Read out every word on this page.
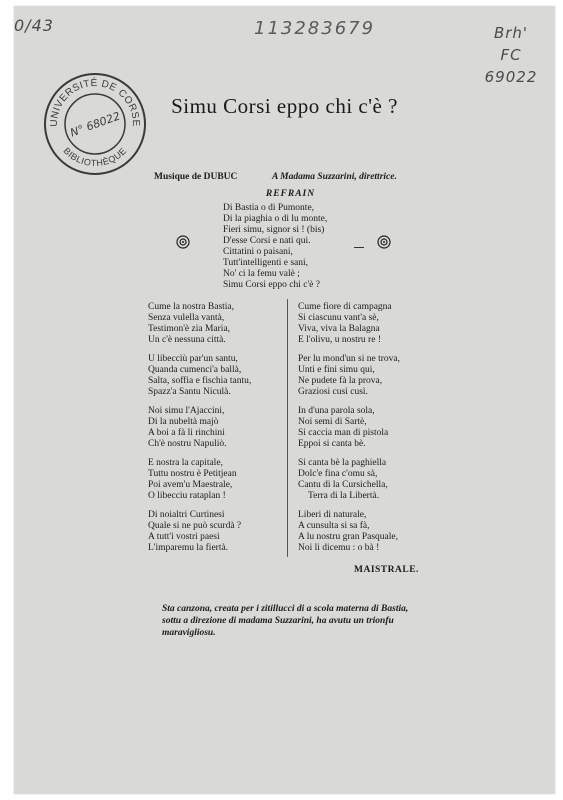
0/43	113283679	Brh'
FC
69022
UNIVERSITÉ DE CORSE
BIBLIOTHÈQUE
N° 68022
Simu Corsi eppo chi c'è ?
Musique de DUBUC	A Madama Suzzarini, direttrice.
REFRAIN
Di Bastia o di Pumonte,
Di la piaghia o di lu monte,
Fieri simu, signor si ! (bis)
D'esse Corsi e nati qui.
Cittatini o paisani,
Tutt'intelligenti e sani,
No' ci la femu valè ;
Simu Corsi eppo chi c'è ?
Cume la nostra Bastia,
Senza vulella vantà,
Testimon'è zia Maria,
Un c'è nessuna città.
U libeccìù par'un santu,
Quanda cumenci'a ballà,
Salta, soffia e fischia tantu,
Spazz'a Santu Niculà.
Noi simu l'Ajaccini,
Di la nubeltà majò
A boi a fà li rinchini
Ch'è nostru Napuliò.
E nostra la capitale,
Tuttu nostru è Petitjean
Poi avem'u Maestrale,
O libecciu rataplan !
Di noialtri Curtinesi
Quale si ne può scurdà ?
A tutt'i vostri paesi
L'imparemu la fiertà.
Cume fiore di campagna
Si ciascunu vant'a sè,
Viva, viva la Balagna
E l'olivu, u nostru re !
Per lu mond'un si ne trova,
Unti e fini simu qui,
Ne pudete fà la prova,
Graziosi cusì cusì.
In d'una parola sola,
Noi semi di Sartè,
Si caccia man di pistola
Eppoi si canta bè.
Si canta bè la paghiella
Dolc'e fina c'omu sà,
Cantu di la Cursichella,
Terra di la Libertà.
Liberi di naturale,
A cunsulta si sa fà,
A lu nostru gran Pasquale,
Noi li dicemu : o bà !
MAISTRALE.
Sta canzona, creata per i zitillucci di a scola materna di Bastia, sottu a direzione di madama Suzzarini, ha avutu un trionfu maravigliosu.
